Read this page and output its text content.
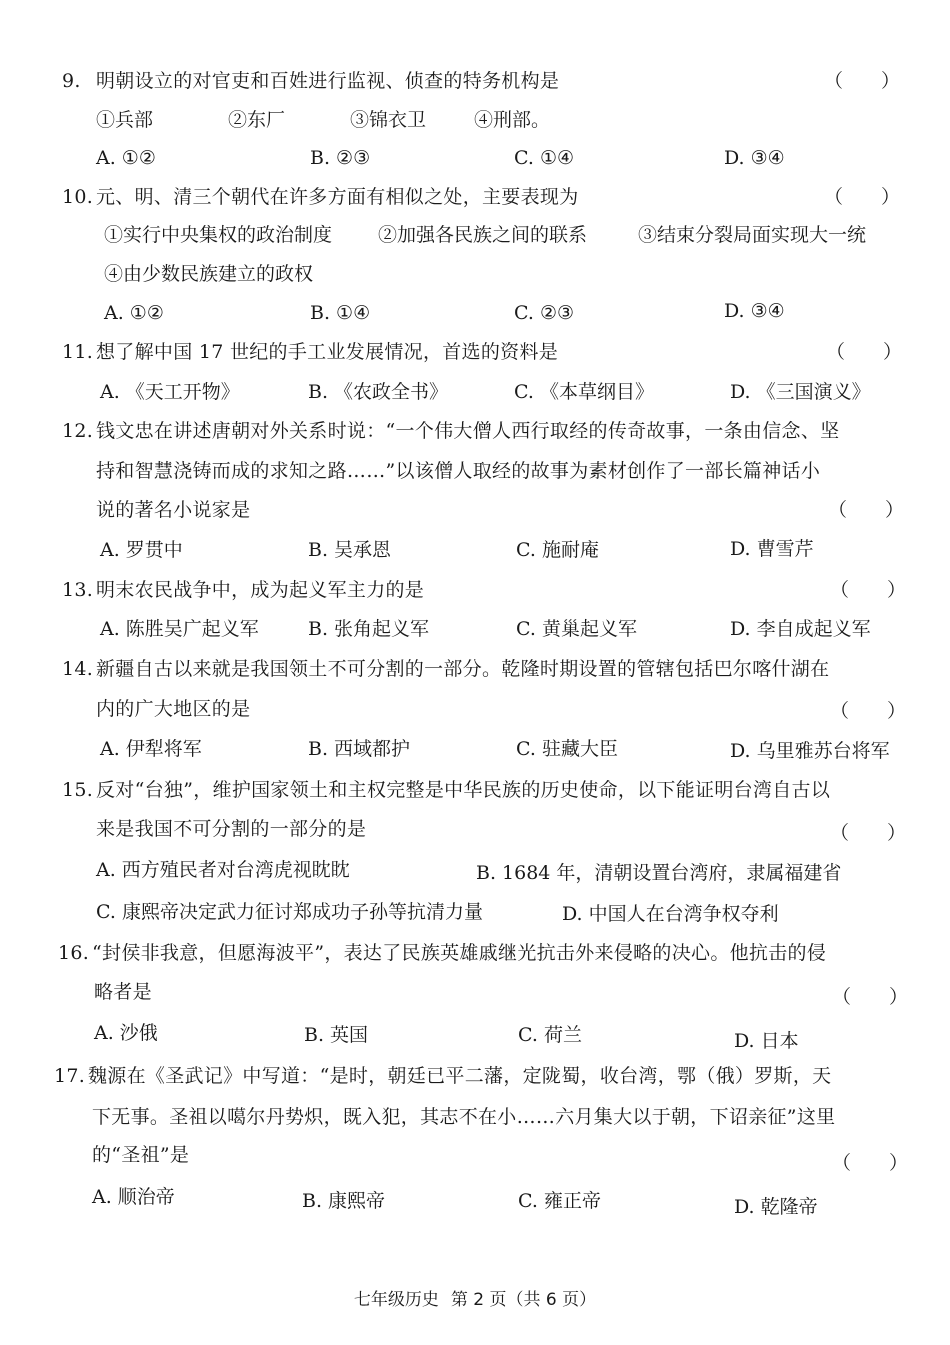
9. 明朝设立的对官吏和百姓进行监视、侦查的特务机构是	（　　）
①兵部	②东厂	③锦衣卫	④刑部。
A. ①②	B. ②③	C. ①④	D. ③④
10. 元、明、清三个朝代在许多方面有相似之处，主要表现为	（　　）
①实行中央集权的政治制度 ②加强各民族之间的联系	③结束分裂局面实现大一统
④由少数民族建立的政权
A. ①②	B. ①④	C. ②③	D. ③④
11. 想了解中国 17 世纪的手工业发展情况，首选的资料是	（　　）
A. 《天工开物》	B. 《农政全书》	C. 《本草纲目》	D. 《三国演义》
12. 钱文忠在讲述唐朝对外关系时说：“一个伟大僧人西行取经的传奇故事，一条由信念、坚
持和智慧浇铸而成的求知之路……”以该僧人取经的故事为素材创作了一部长篇神话小
说的著名小说家是	（　　）
A. 罗贯中	B. 吴承恩	C. 施耐庵	D. 曹雪芹
13. 明末农民战争中，成为起义军主力的是	（　　）
A. 陈胜吴广起义军	B. 张角起义军	C. 黄巢起义军	D. 李自成起义军
14. 新疆自古以来就是我国领土不可分割的一部分。乾隆时期设置的管辖包括巴尔喀什湖在
内的广大地区的是	（　　）
A. 伊犁将军	B. 西域都护	C. 驻藏大臣	D. 乌里雅苏台将军
15. 反对“台独”，维护国家领土和主权完整是中华民族的历史使命，以下能证明台湾自古以
来是我国不可分割的一部分的是	（　　）
A. 西方殖民者对台湾虎视眈眈	B. 1684 年，清朝设置台湾府，隶属福建省
C. 康熙帝决定武力征讨郑成功子孙等抗清力量	D. 中国人在台湾争权夺利
16. “封侯非我意，但愿海波平”，表达了民族英雄戚继光抗击外来侵略的决心。他抗击的侵
略者是	（　　）
A. 沙俄	B. 英国	C. 荷兰	D. 日本
17. 魏源在《圣武记》中写道：“是时，朝廷已平二藩，定陇蜀，收台湾，鄂（俄）罗斯，天
下无事。圣祖以噶尔丹势炽，既入犯，其志不在小……六月集大以于朝，下诏亲征”这里
的“圣祖”是	（　　）
A. 顺治帝	B. 康熙帝	C. 雍正帝	D. 乾隆帝
七年级历史 第 2 页（共 6 页）
